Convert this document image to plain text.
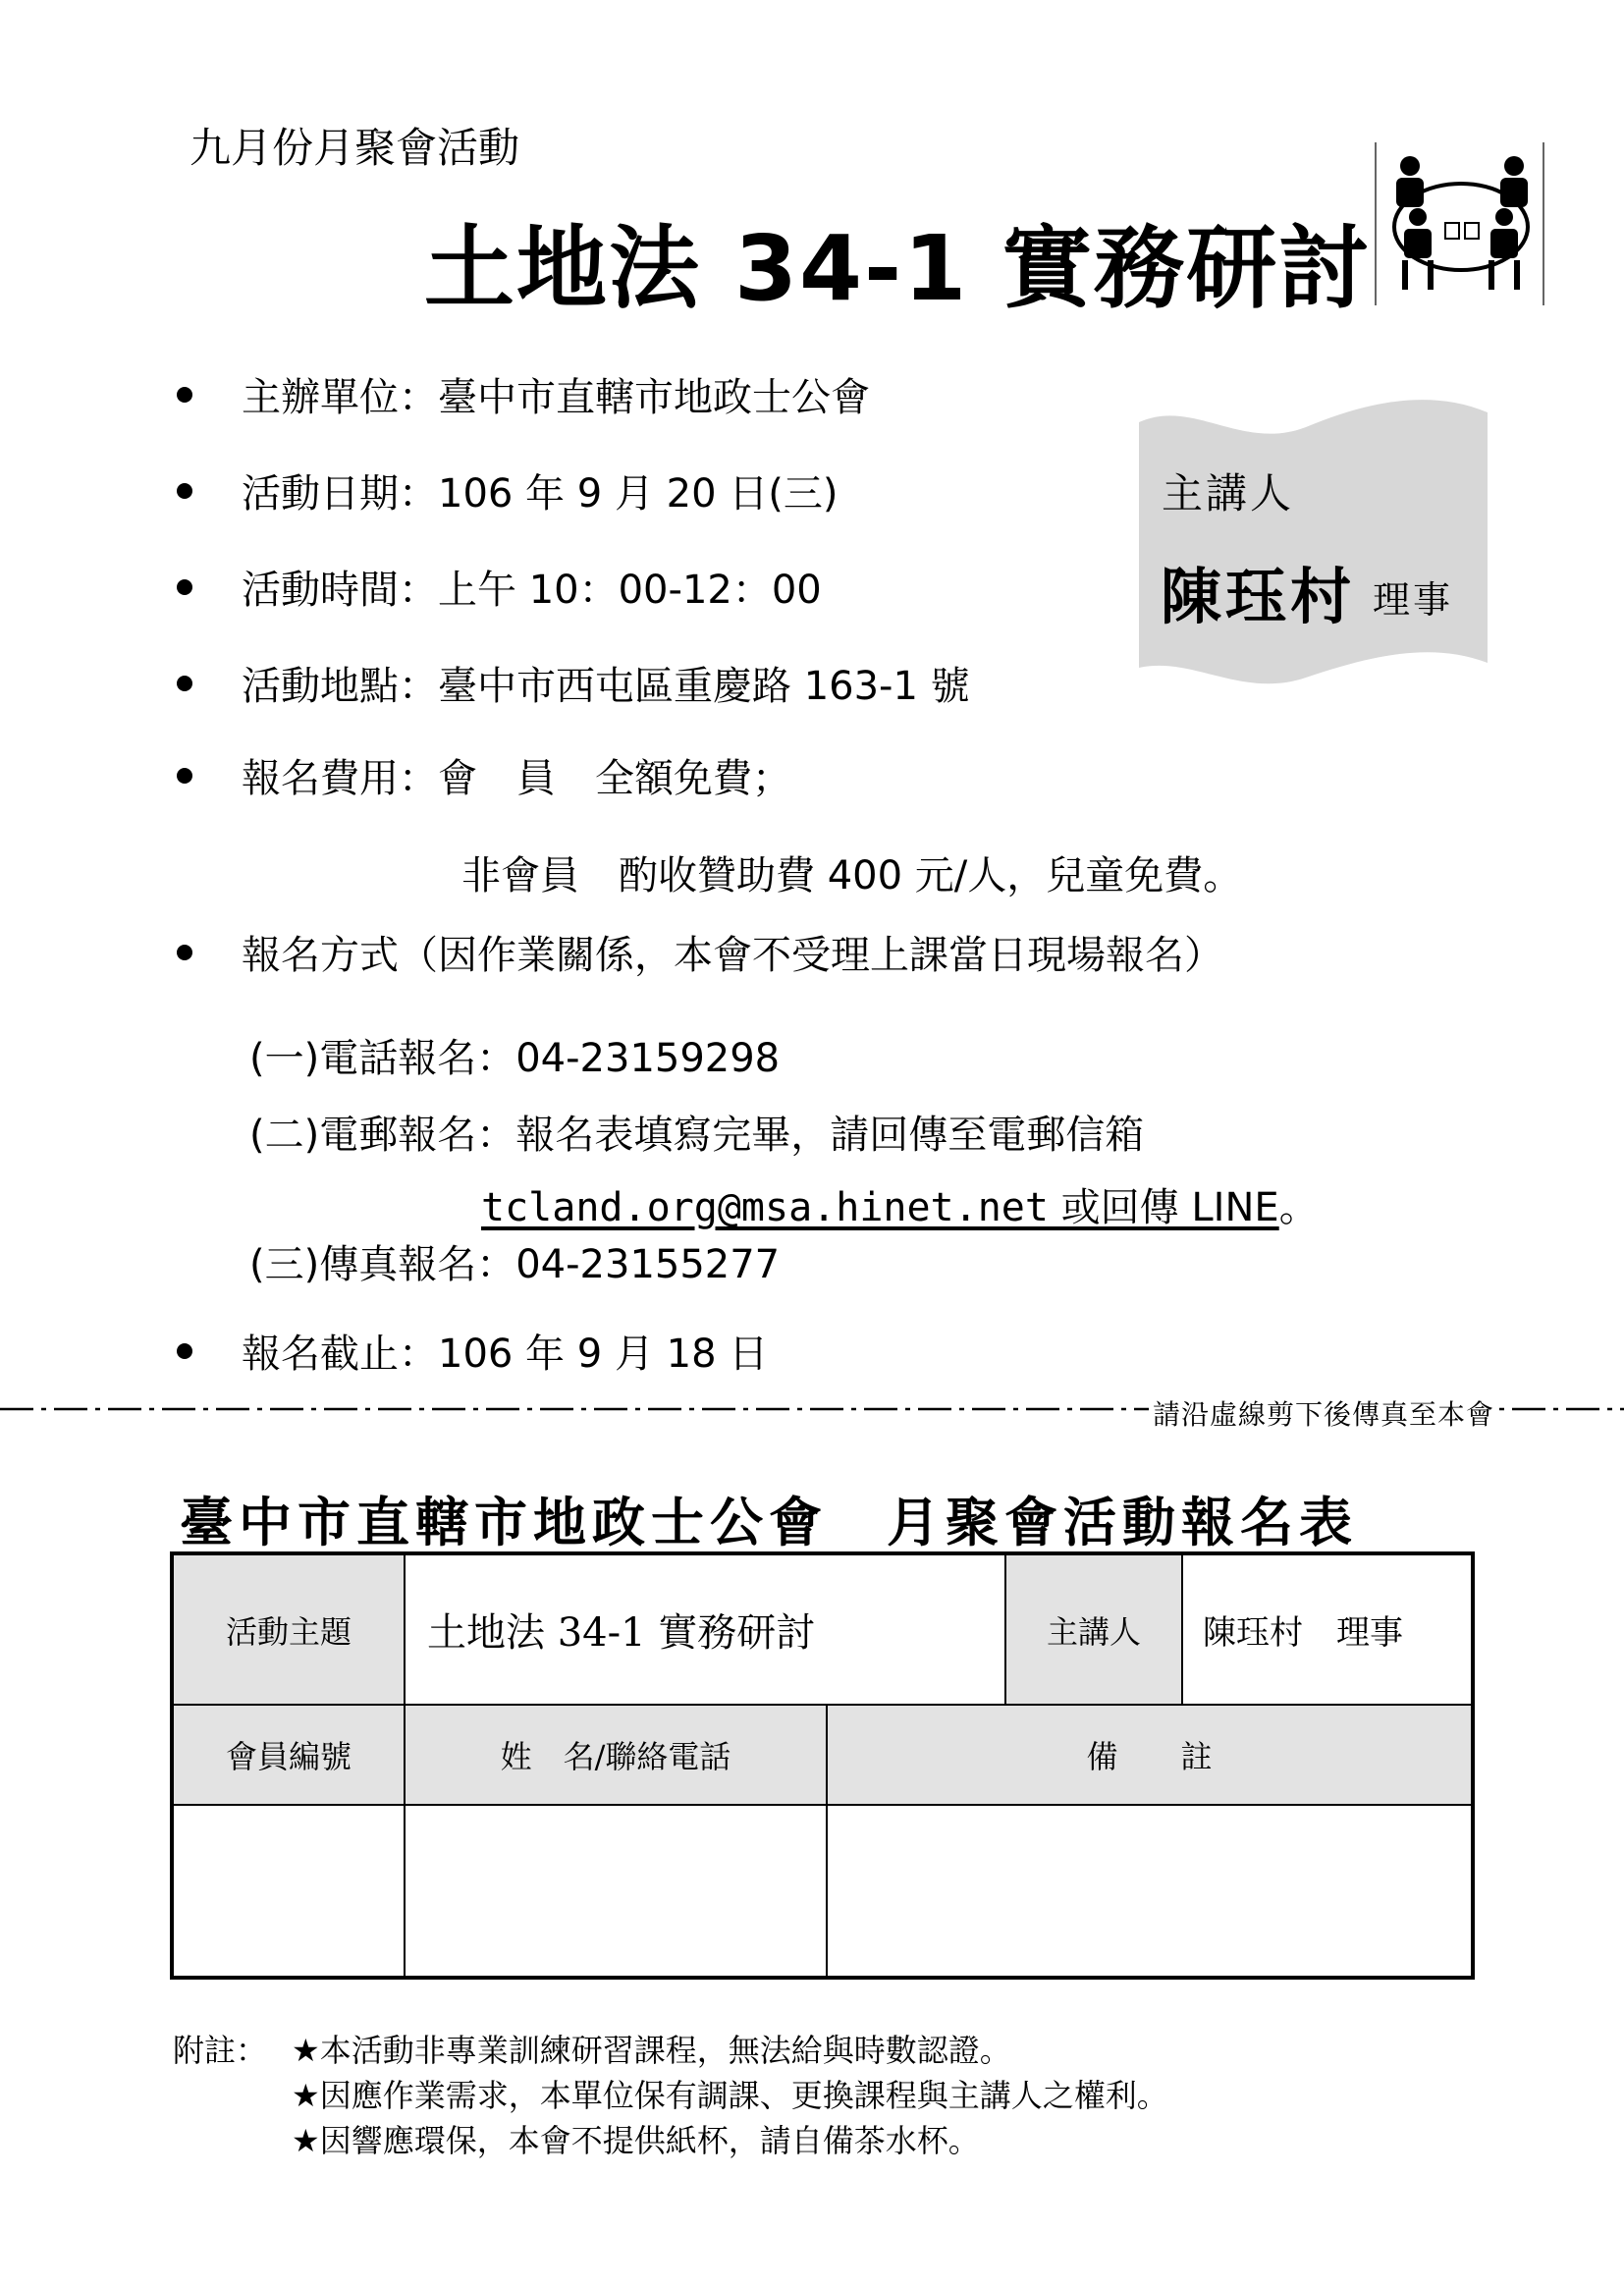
九月份月聚會活動
土地法 34-1 實務研討
主講人
陳珏村 理事
主辦單位：臺中市直轄市地政士公會
活動日期：106 年 9 月 20 日(三)
活動時間：上午 10：00-12：00
活動地點：臺中市西屯區重慶路 163-1 號
報名費用：會　員　全額免費；
非會員　酌收贊助費 400 元/人，兒童免費。
報名方式（因作業關係，本會不受理上課當日現場報名）
(一)電話報名：04-23159298
(二)電郵報名：報名表填寫完畢，請回傳至電郵信箱
tcland.org@msa.hinet.net 或回傳 LINE。
(三)傳真報名：04-23155277
報名截止：106 年 9 月 18 日
請沿虛線剪下後傳真至本會
臺中市直轄市地政士公會　月聚會活動報名表
活動主題	土地法 34-1 實務研討		主講人	陳珏村　理事
會員編號	姓　名/聯絡電話	備　　註		

附註： ★本活動非專業訓練研習課程，無法給與時數認證。
★因應作業需求，本單位保有調課、更換課程與主講人之權利。
★因響應環保，本會不提供紙杯，請自備茶水杯。
